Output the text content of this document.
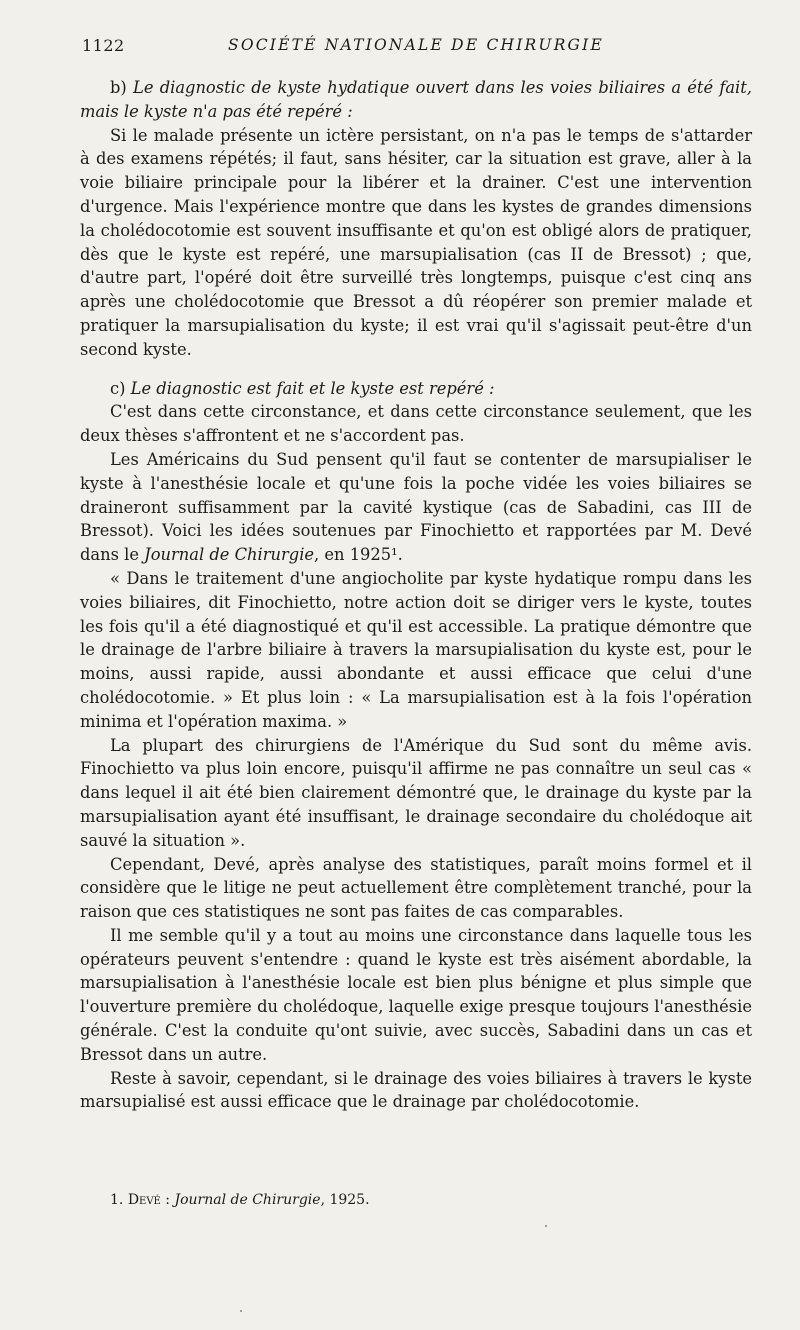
1122	SOCIÉTÉ NATIONALE DE CHIRURGIE

b) Le diagnostic de kyste hydatique ouvert dans les voies biliaires a été fait, mais le kyste n'a pas été repéré :

Si le malade présente un ictère persistant, on n'a pas le temps de s'attarder à des examens répétés; il faut, sans hésiter, car la situation est grave, aller à la voie biliaire principale pour la libérer et la drainer. C'est une intervention d'urgence. Mais l'expérience montre que dans les kystes de grandes dimensions la cholédocotomie est souvent insuffisante et qu'on est obligé alors de pratiquer, dès que le kyste est repéré, une marsupialisation (cas II de Bressot) ; que, d'autre part, l'opéré doit être surveillé très longtemps, puisque c'est cinq ans après une cholédocotomie que Bressot a dû réopérer son premier malade et pratiquer la marsupialisation du kyste; il est vrai qu'il s'agissait peut-être d'un second kyste.

c) Le diagnostic est fait et le kyste est repéré :

C'est dans cette circonstance, et dans cette circonstance seulement, que les deux thèses s'affrontent et ne s'accordent pas.

Les Américains du Sud pensent qu'il faut se contenter de marsupialiser le kyste à l'anesthésie locale et qu'une fois la poche vidée les voies biliaires se draineront suffisamment par la cavité kystique (cas de Sabadini, cas III de Bressot). Voici les idées soutenues par Finochietto et rapportées par M. Devé dans le Journal de Chirurgie, en 1925¹.

« Dans le traitement d'une angiocholite par kyste hydatique rompu dans les voies biliaires, dit Finochietto, notre action doit se diriger vers le kyste, toutes les fois qu'il a été diagnostiqué et qu'il est accessible. La pratique démontre que le drainage de l'arbre biliaire à travers la marsupialisation du kyste est, pour le moins, aussi rapide, aussi abondante et aussi efficace que celui d'une cholédocotomie. » Et plus loin : « La marsupialisation est à la fois l'opération minima et l'opération maxima. »

La plupart des chirurgiens de l'Amérique du Sud sont du même avis. Finochietto va plus loin encore, puisqu'il affirme ne pas connaître un seul cas « dans lequel il ait été bien clairement démontré que, le drainage du kyste par la marsupialisation ayant été insuffisant, le drainage secondaire du cholédoque ait sauvé la situation ».

Cependant, Devé, après analyse des statistiques, paraît moins formel et il considère que le litige ne peut actuellement être complètement tranché, pour la raison que ces statistiques ne sont pas faites de cas comparables.

Il me semble qu'il y a tout au moins une circonstance dans laquelle tous les opérateurs peuvent s'entendre : quand le kyste est très aisément abordable, la marsupialisation à l'anesthésie locale est bien plus bénigne et plus simple que l'ouverture première du cholédoque, laquelle exige presque toujours l'anesthésie générale. C'est la conduite qu'ont suivie, avec succès, Sabadini dans un cas et Bressot dans un autre.

Reste à savoir, cependant, si le drainage des voies biliaires à travers le kyste marsupialisé est aussi efficace que le drainage par cholédocotomie.

1. Devé : Journal de Chirurgie, 1925.
